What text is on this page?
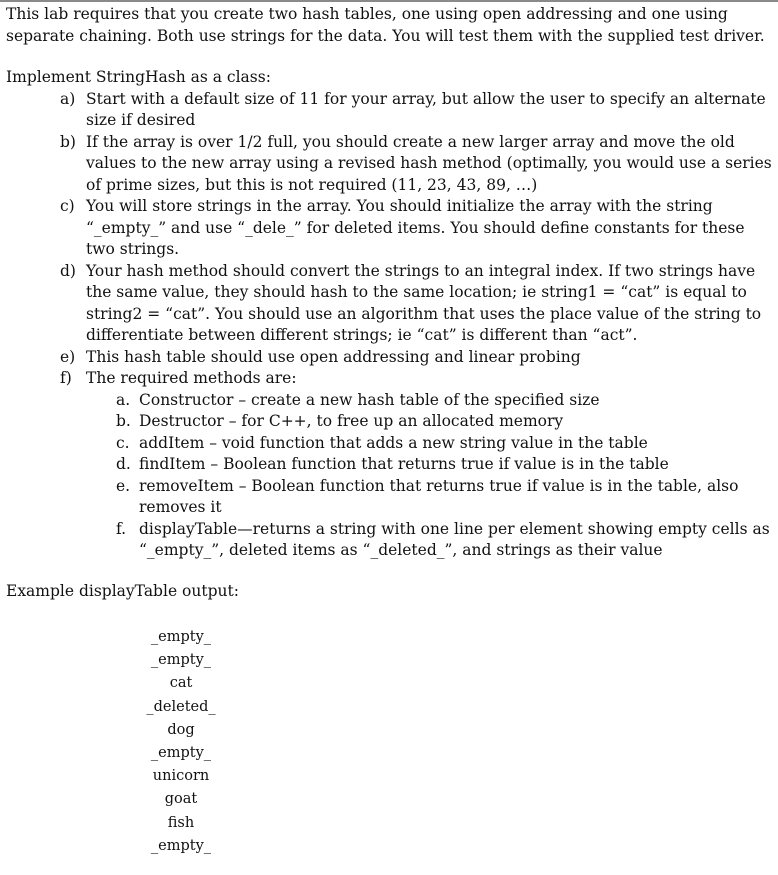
This lab requires that you create two hash tables, one using open addressing and one using separate chaining. Both use strings for the data. You will test them with the supplied test driver.

Implement StringHash as a class:

a) Start with a default size of 11 for your array, but allow the user to specify an alternate size if desired
b) If the array is over 1/2 full, you should create a new larger array and move the old values to the new array using a revised hash method (optimally, you would use a series of prime sizes, but this is not required (11, 23, 43, 89, …)
c) You will store strings in the array. You should initialize the array with the string “_empty_” and use “_dele_” for deleted items. You should define constants for these two strings.
d) Your hash method should convert the strings to an integral index. If two strings have the same value, they should hash to the same location; ie string1 = “cat” is equal to string2 = “cat”. You should use an algorithm that uses the place value of the string to differentiate between different strings; ie “cat” is different than “act”.
e) This hash table should use open addressing and linear probing
f) The required methods are:
a. Constructor – create a new hash table of the specified size
b. Destructor – for C++, to free up an allocated memory
c. addItem – void function that adds a new string value in the table
d. findItem – Boolean function that returns true if value is in the table
e. removeItem – Boolean function that returns true if value is in the table, also removes it
f. displayTable—returns a string with one line per element showing empty cells as “_empty_”, deleted items as “_deleted_”, and strings as their value

Example displayTable output:

_empty_
_empty_
cat
_deleted_
dog
_empty_
unicorn
goat
fish
_empty_
